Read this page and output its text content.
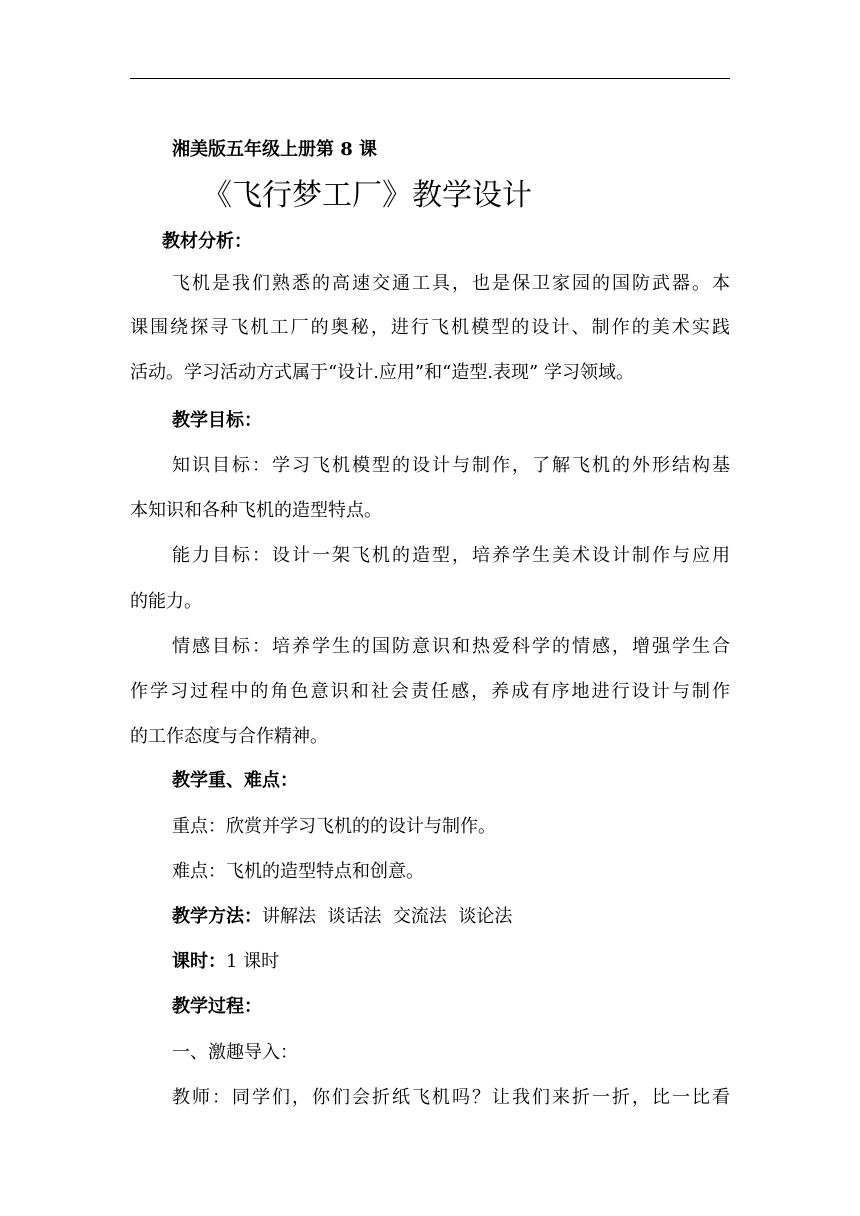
湘美版五年级上册第 8 课
《飞行梦工厂》教学设计
教材分析：
飞机是我们熟悉的高速交通工具，也是保卫家园的国防武器。本
课围绕探寻飞机工厂的奥秘，进行飞机模型的设计、制作的美术实践
活动。学习活动方式属于“设计.应用”和“造型.表现” 学习领域。
教学目标：
知识目标：学习飞机模型的设计与制作，了解飞机的外形结构基
本知识和各种飞机的造型特点。
能力目标：设计一架飞机的造型，培养学生美术设计制作与应用
的能力。
情感目标：培养学生的国防意识和热爱科学的情感，增强学生合
作学习过程中的角色意识和社会责任感，养成有序地进行设计与制作
的工作态度与合作精神。
教学重、难点：
重点：欣赏并学习飞机的的设计与制作。
难点：飞机的造型特点和创意。
教学方法：讲解法  谈话法  交流法  谈论法
课时：1 课时
教学过程：
一、激趣导入：
教师：同学们，你们会折纸飞机吗？让我们来折一折，比一比看
